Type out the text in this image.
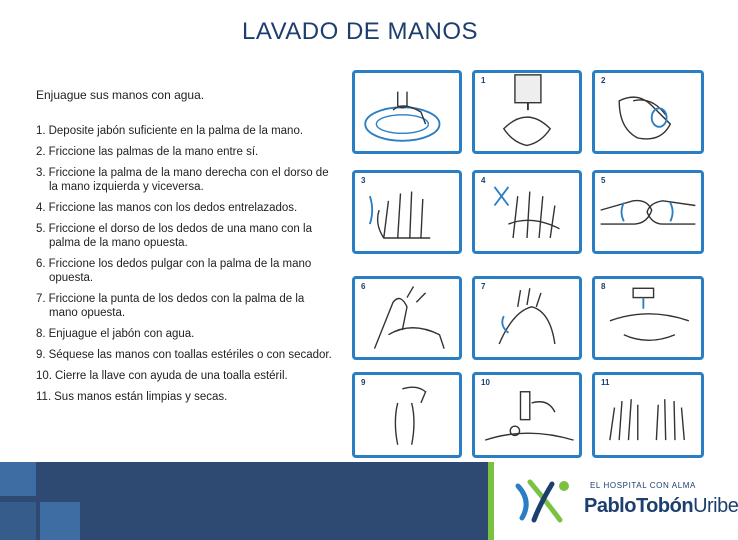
LAVADO DE MANOS
Enjuague sus manos con agua.
1. Deposite jabón suficiente en la palma de la mano.
2. Friccione las palmas de la mano entre sí.
3. Friccione la palma de la mano derecha con el dorso de la mano izquierda y viceversa.
4. Friccione las manos con los dedos entrelazados.
5. Friccione el dorso de los dedos de una mano con la palma de la mano opuesta.
6. Friccione los dedos pulgar con la palma de la mano opuesta.
7. Friccione la punta de los dedos con la palma de la mano opuesta.
8. Enjuague el jabón con agua.
9. Séquese las manos con toallas estériles o con secador.
10. Cierre la llave con ayuda de una toalla estéril.
11. Sus manos están limpias y secas.
1	2
3	4	5
6	7	8
9	10	11
EL HOSPITAL CON ALMA
PabloTobónUribe
